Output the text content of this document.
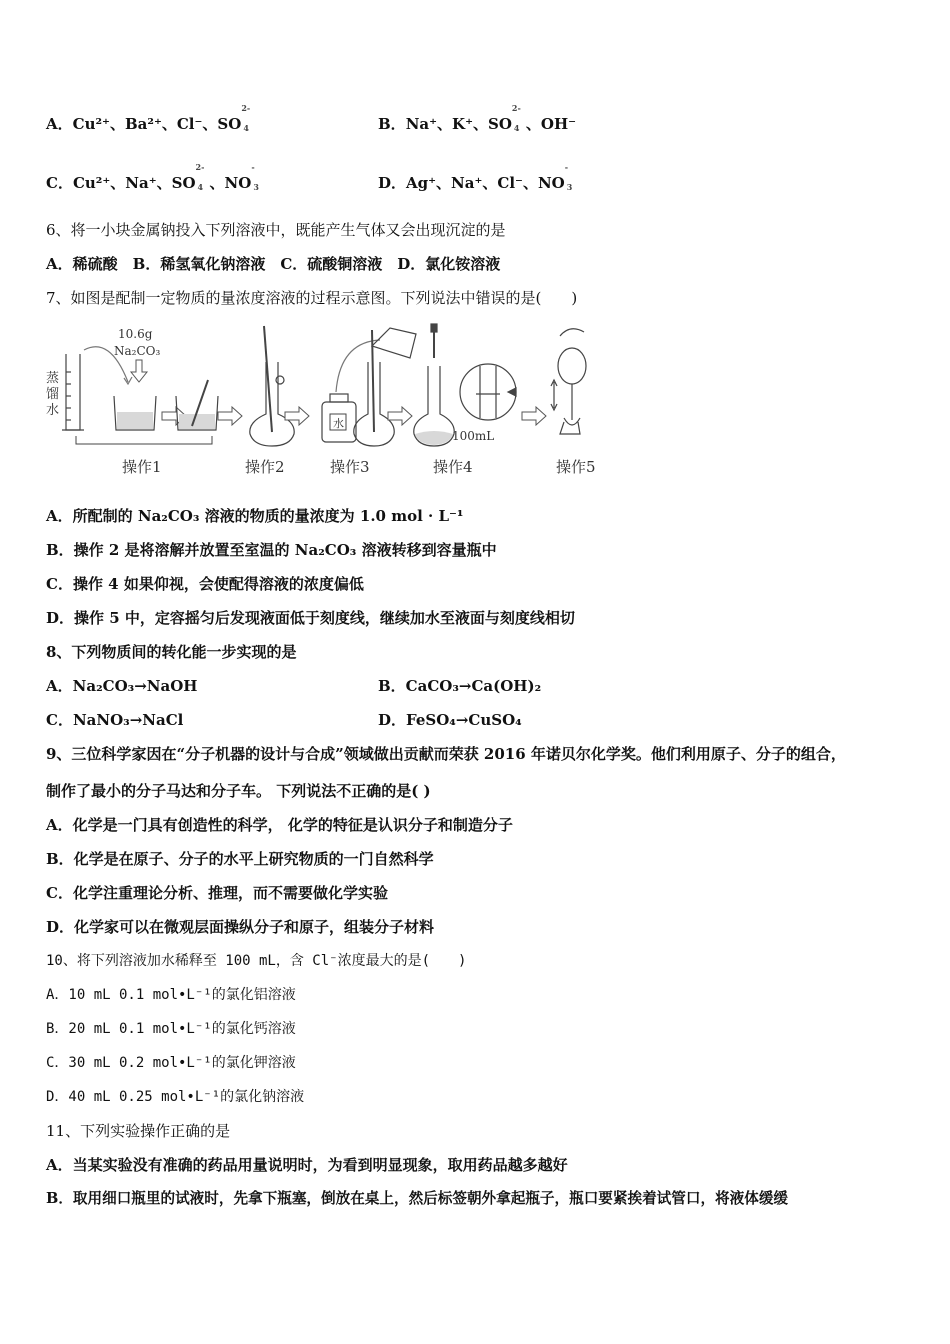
A．Cu²⁺、Ba²⁺、Cl⁻、SO
2-
4	B．Na⁺、K⁺、SO
2-
4 、OH⁻
C．Cu²⁺、Na⁺、SO
2-
4 、NO
-
3	D．Ag⁺、Na⁺、Cl⁻、NO
-
3
6、将一小块金属钠投入下列溶液中，既能产生气体又会出现沉淀的是
A．稀硫酸　B．稀氢氧化钠溶液　C．硫酸铜溶液　D．氯化铵溶液
7、如图是配制一定物质的量浓度溶液的过程示意图。下列说法中错误的是(　　)
蒸
馏
水
10.6g
Na₂CO₃
水
100mL
操作1	操作2	操作3	操作4	操作5
A．所配制的 Na₂CO₃ 溶液的物质的量浓度为 1.0 mol · L⁻¹
B．操作 2 是将溶解并放置至室温的 Na₂CO₃ 溶液转移到容量瓶中
C．操作 4 如果仰视，会使配得溶液的浓度偏低
D．操作 5 中，定容摇匀后发现液面低于刻度线，继续加水至液面与刻度线相切
8、下列物质间的转化能一步实现的是
A．Na₂CO₃→NaOH	B．CaCO₃→Ca(OH)₂
C．NaNO₃→NaCl	D．FeSO₄→CuSO₄
9、三位科学家因在“分子机器的设计与合成”领域做出贡献而荣获 2016 年诺贝尔化学奖。他们利用原子、分子的组合，
制作了最小的分子马达和分子车。 下列说法不正确的是( )
A．化学是一门具有创造性的科学， 化学的特征是认识分子和制造分子
B．化学是在原子、分子的水平上研究物质的一门自然科学
C．化学注重理论分析、推理，而不需要做化学实验
D．化学家可以在微观层面操纵分子和原子，组装分子材料
10、将下列溶液加水稀释至 100 mL，含 Cl⁻浓度最大的是(　　)
A．10 mL 0.1 mol•L⁻¹的氯化铝溶液
B．20 mL 0.1 mol•L⁻¹的氯化钙溶液
C．30 mL 0.2 mol•L⁻¹的氯化钾溶液
D．40 mL 0.25 mol•L⁻¹的氯化钠溶液
11、下列实验操作正确的是
A．当某实验没有准确的药品用量说明时，为看到明显现象，取用药品越多越好
B．取用细口瓶里的试液时，先拿下瓶塞，倒放在桌上，然后标签朝外拿起瓶子，瓶口要紧挨着试管口，将液体缓缓
